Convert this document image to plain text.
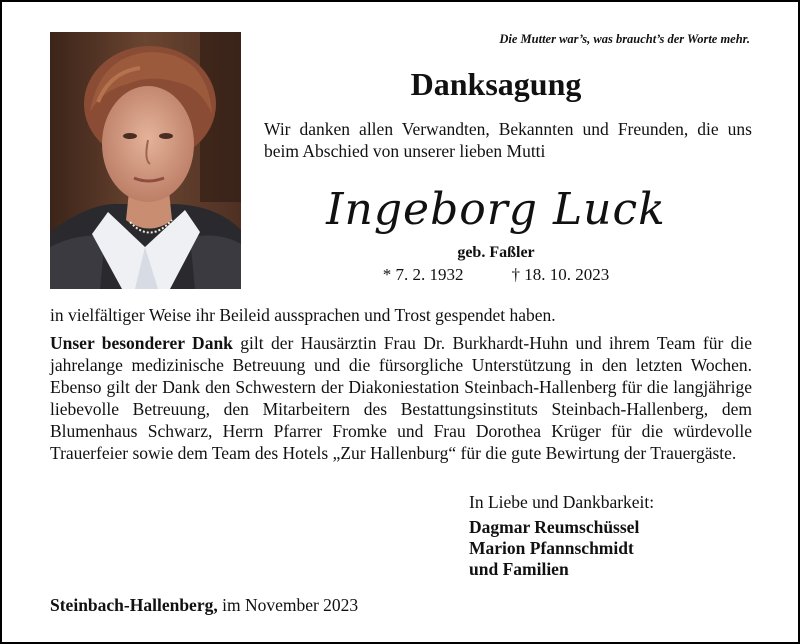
Die Mutter war’s, was braucht’s der Worte mehr.
Danksagung
Wir danken allen Verwandten, Bekannten und Freunden, die uns beim Abschied von unserer lieben Mutti
Ingeborg Luck
geb. Faßler
* 7. 2. 1932	† 18. 10. 2023
in vielfältiger Weise ihr Beileid aussprachen und Trost gespendet haben.
Unser besonderer Dank gilt der Hausärztin Frau Dr. Burkhardt-Huhn und ihrem Team für die jahrelange medizinische Betreuung und die fürsorgliche Unterstützung in den letzten Wochen. Ebenso gilt der Dank den Schwestern der Diakoniestation Steinbach-Hallenberg für die langjährige liebevolle Betreuung, den Mitarbeitern des Bestattungsinstituts Steinbach-Hallenberg, dem Blumenhaus Schwarz, Herrn Pfarrer Fromke und Frau Dorothea Krüger für die würdevolle Trauerfeier sowie dem Team des Hotels „Zur Hallenburg“ für die gute Bewirtung der Trauergäste.
In Liebe und Dankbarkeit:
Dagmar Reumschüssel
Marion Pfannschmidt
und Familien
Steinbach-Hallenberg, im November 2023
